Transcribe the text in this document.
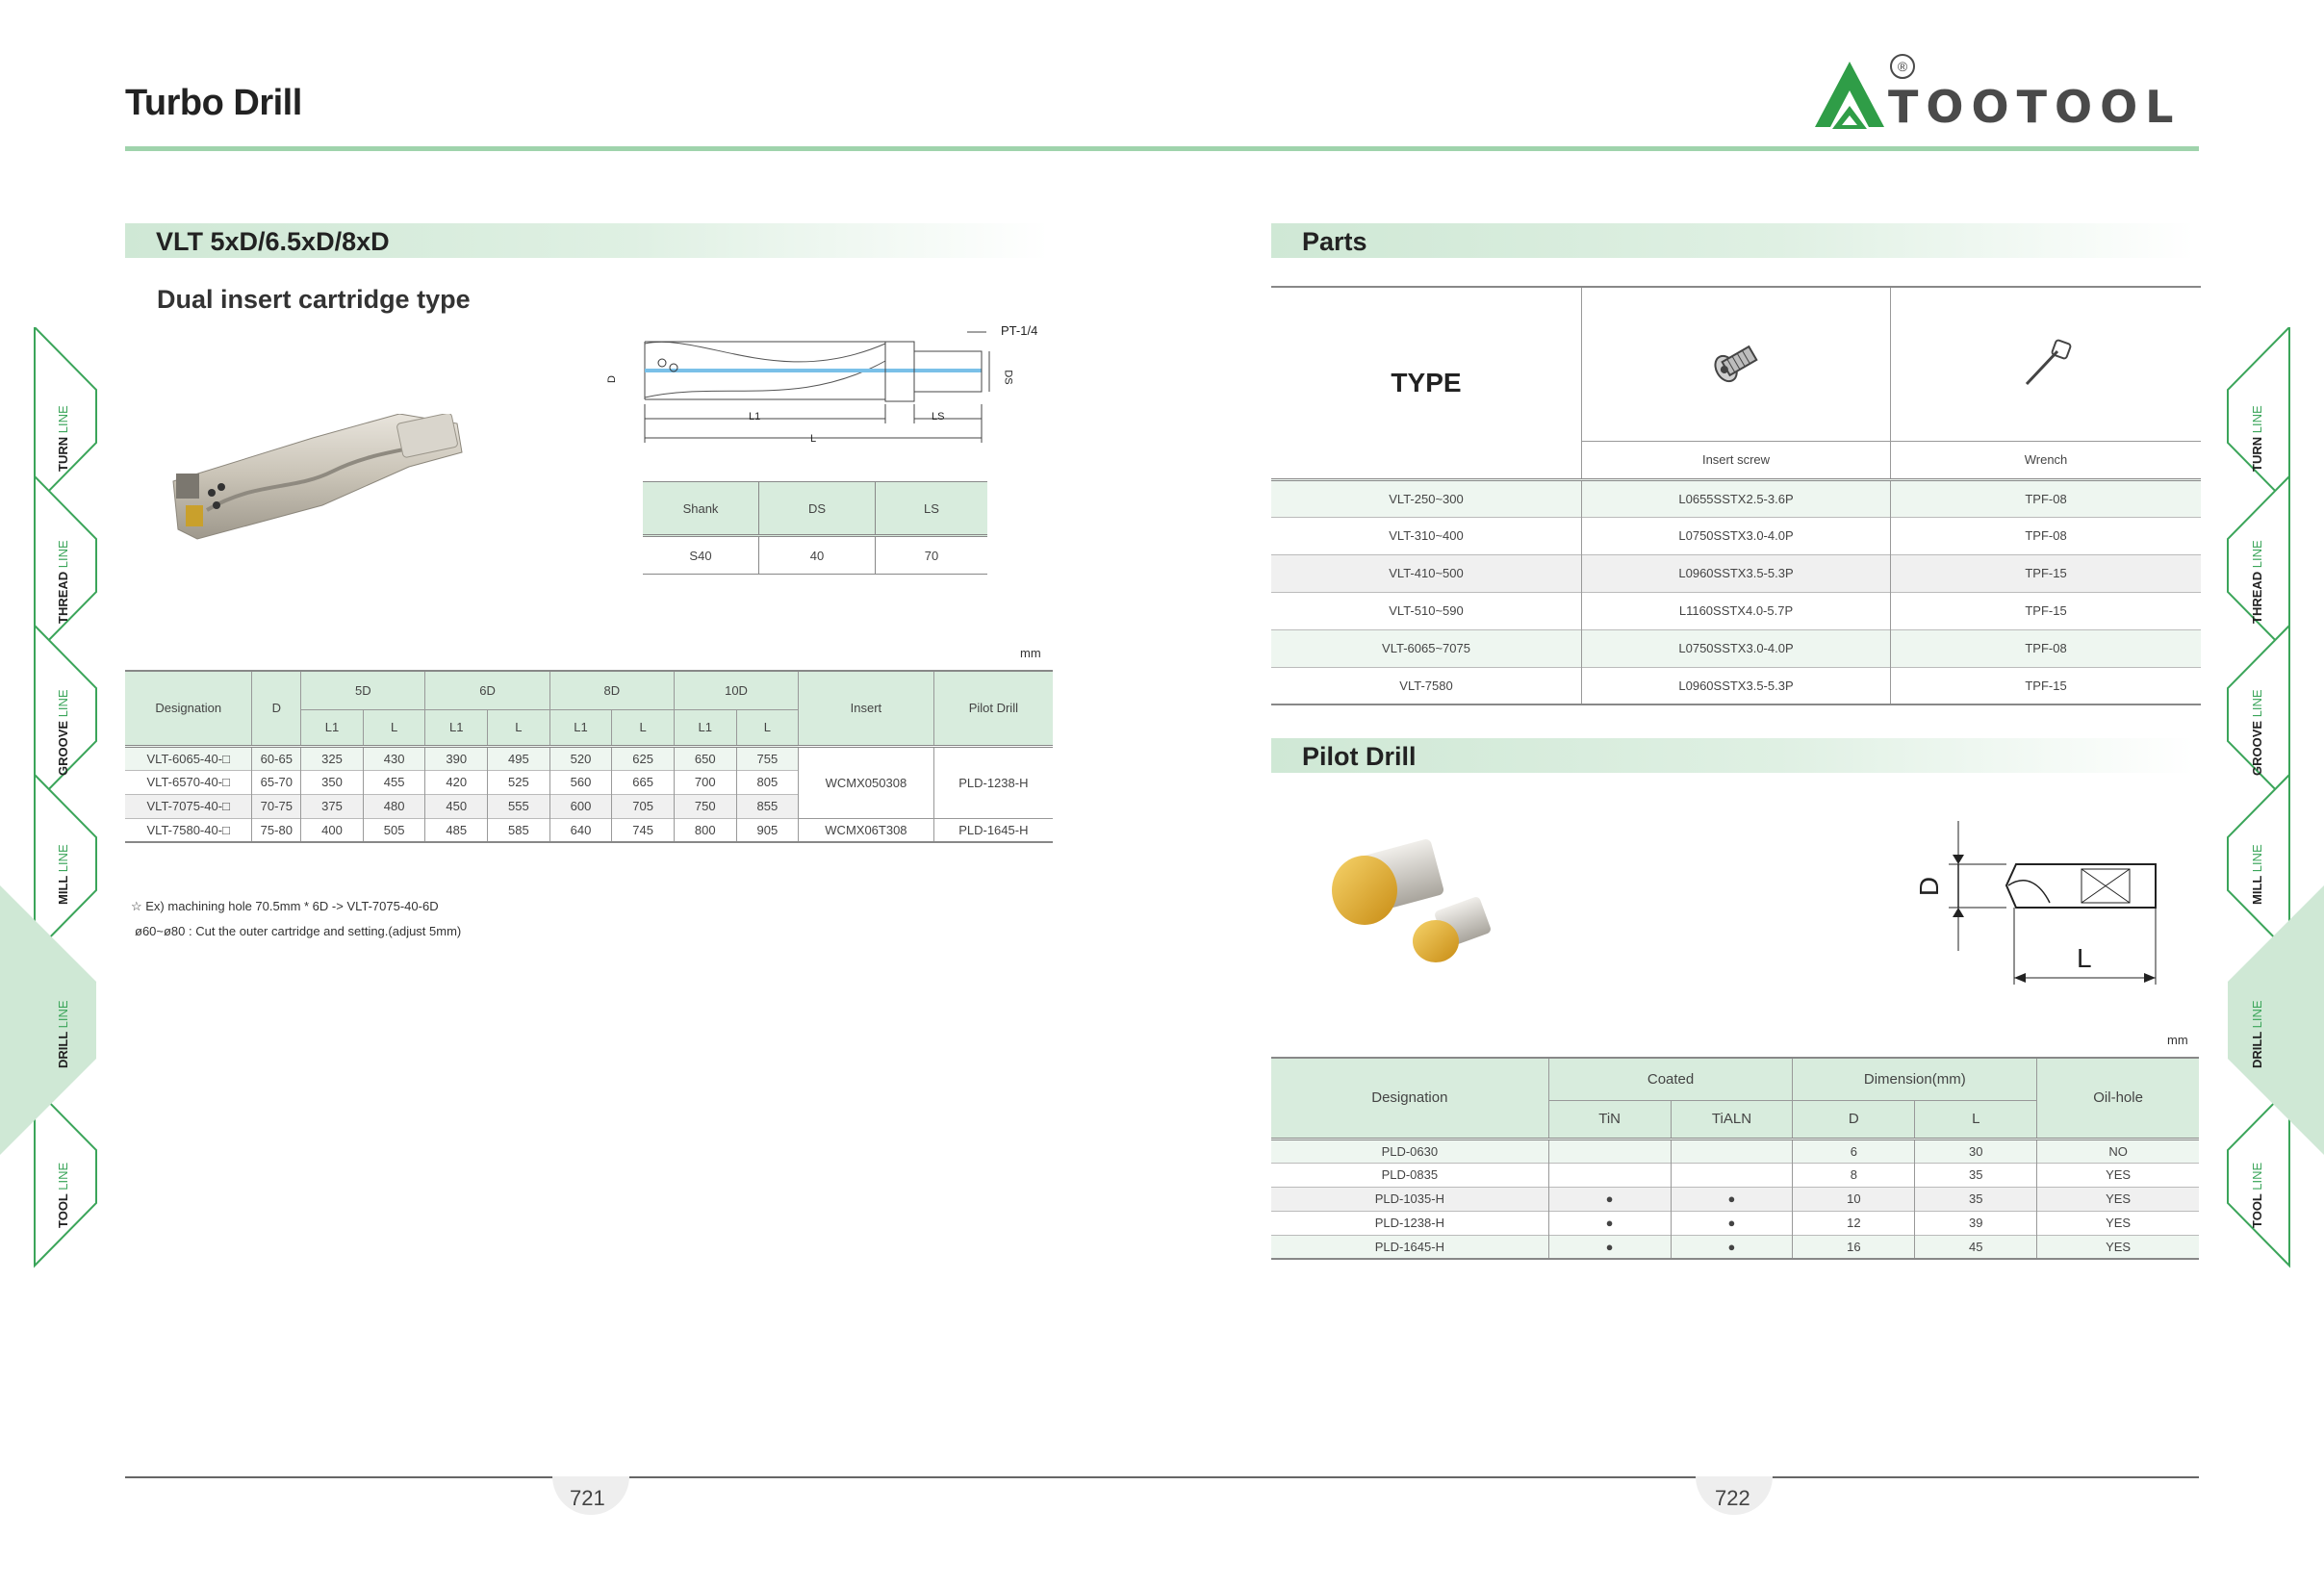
Turbo Drill
®
TOOTOOL
VLT 5xD/6.5xD/8xD
Dual insert cartridge type
PT-1/4
D	DS
L1	LS
L
Shank	DS	LS
S40	40	70
mm
Designation	D	5D		6D		8D		10D		Insert	Pilot Drill
		L1	L	L1	L	L1	L	L1	L		
VLT-6065-40-□	60-65	325	430	390	495	520	625	650	755	WCMX050308	PLD-1238-H
VLT-6570-40-□	65-70	350	455	420	525	560	665	700	805		
VLT-7075-40-□	70-75	375	480	450	555	600	705	750	855		
VLT-7580-40-□	75-80	400	505	485	585	640	745	800	905	WCMX06T308	PLD-1645-H
☆ Ex) machining hole 70.5mm * 6D -> VLT-7075-40-6D
ø60~ø80 : Cut the outer cartridge and setting.(adjust 5mm)
Parts
TYPE		
	Insert screw	Wrench
VLT-250~300	L0655SSTX2.5-3.6P	TPF-08
VLT-310~400	L0750SSTX3.0-4.0P	TPF-08
VLT-410~500	L0960SSTX3.5-5.3P	TPF-15
VLT-510~590	L1160SSTX4.0-5.7P	TPF-15
VLT-6065~7075	L0750SSTX3.0-4.0P	TPF-08
VLT-7580	L0960SSTX3.5-5.3P	TPF-15
Pilot Drill
D
L
mm
Designation	Coated		Dimension(mm)		Oil-hole
	TiN	TiALN	D	L	
PLD-0630			6	30	NO
PLD-0835			8	35	YES
PLD-1035-H	●	●	10	35	YES
PLD-1238-H	●	●	12	39	YES
PLD-1645-H	●	●	16	45	YES
721	722
TURN LINE
THREAD LINE
GROOVE LINE
MILL LINE
DRILL LINE
TOOL LINE
TURN LINE
THREAD LINE
GROOVE LINE
MILL LINE
DRILL LINE
TOOL LINE
